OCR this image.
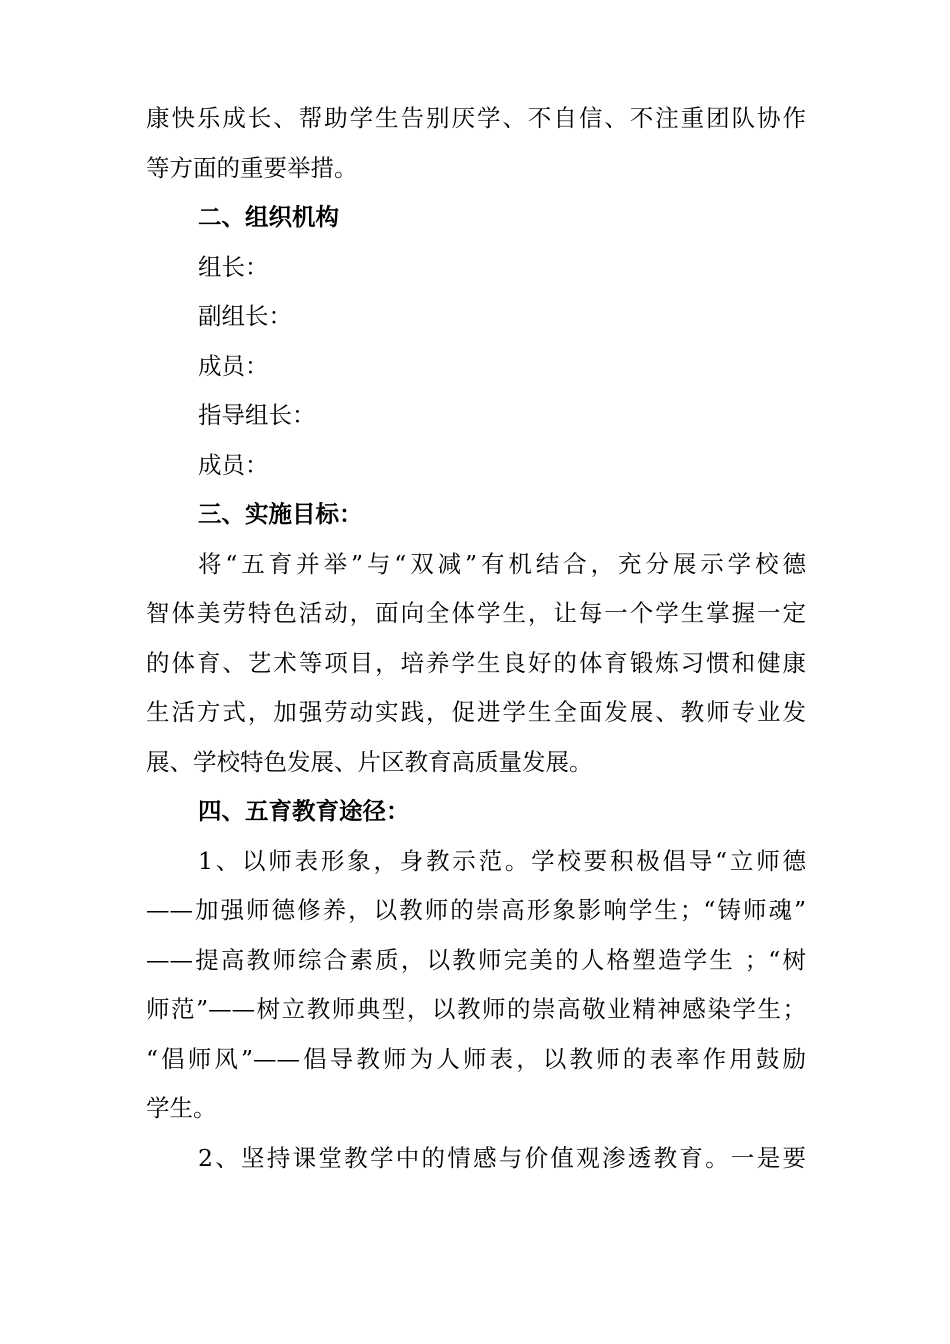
康快乐成长、帮助学生告别厌学、不自信、不注重团队协作
等方面的重要举措。
二、组织机构
组长：
副组长：
成员：
指导组长：
成员：
三、实施目标：
将“五育并举”与“双减”有机结合，充分展示学校德
智体美劳特色活动，面向全体学生，让每一个学生掌握一定
的体育、艺术等项目，培养学生良好的体育锻炼习惯和健康
生活方式，加强劳动实践，促进学生全面发展、教师专业发
展、学校特色发展、片区教育高质量发展。
四、五育教育途径：
1、以师表形象，身教示范。学校要积极倡导“立师德
——加强师德修养，以教师的崇高形象影响学生；“铸师魂”
——提高教师综合素质，以教师完美的人格塑造学生 ；“树
师范”——树立教师典型，以教师的崇高敬业精神感染学生；
“倡师风”——倡导教师为人师表，以教师的表率作用鼓励
学生。
2、坚持课堂教学中的情感与价值观渗透教育。一是要
